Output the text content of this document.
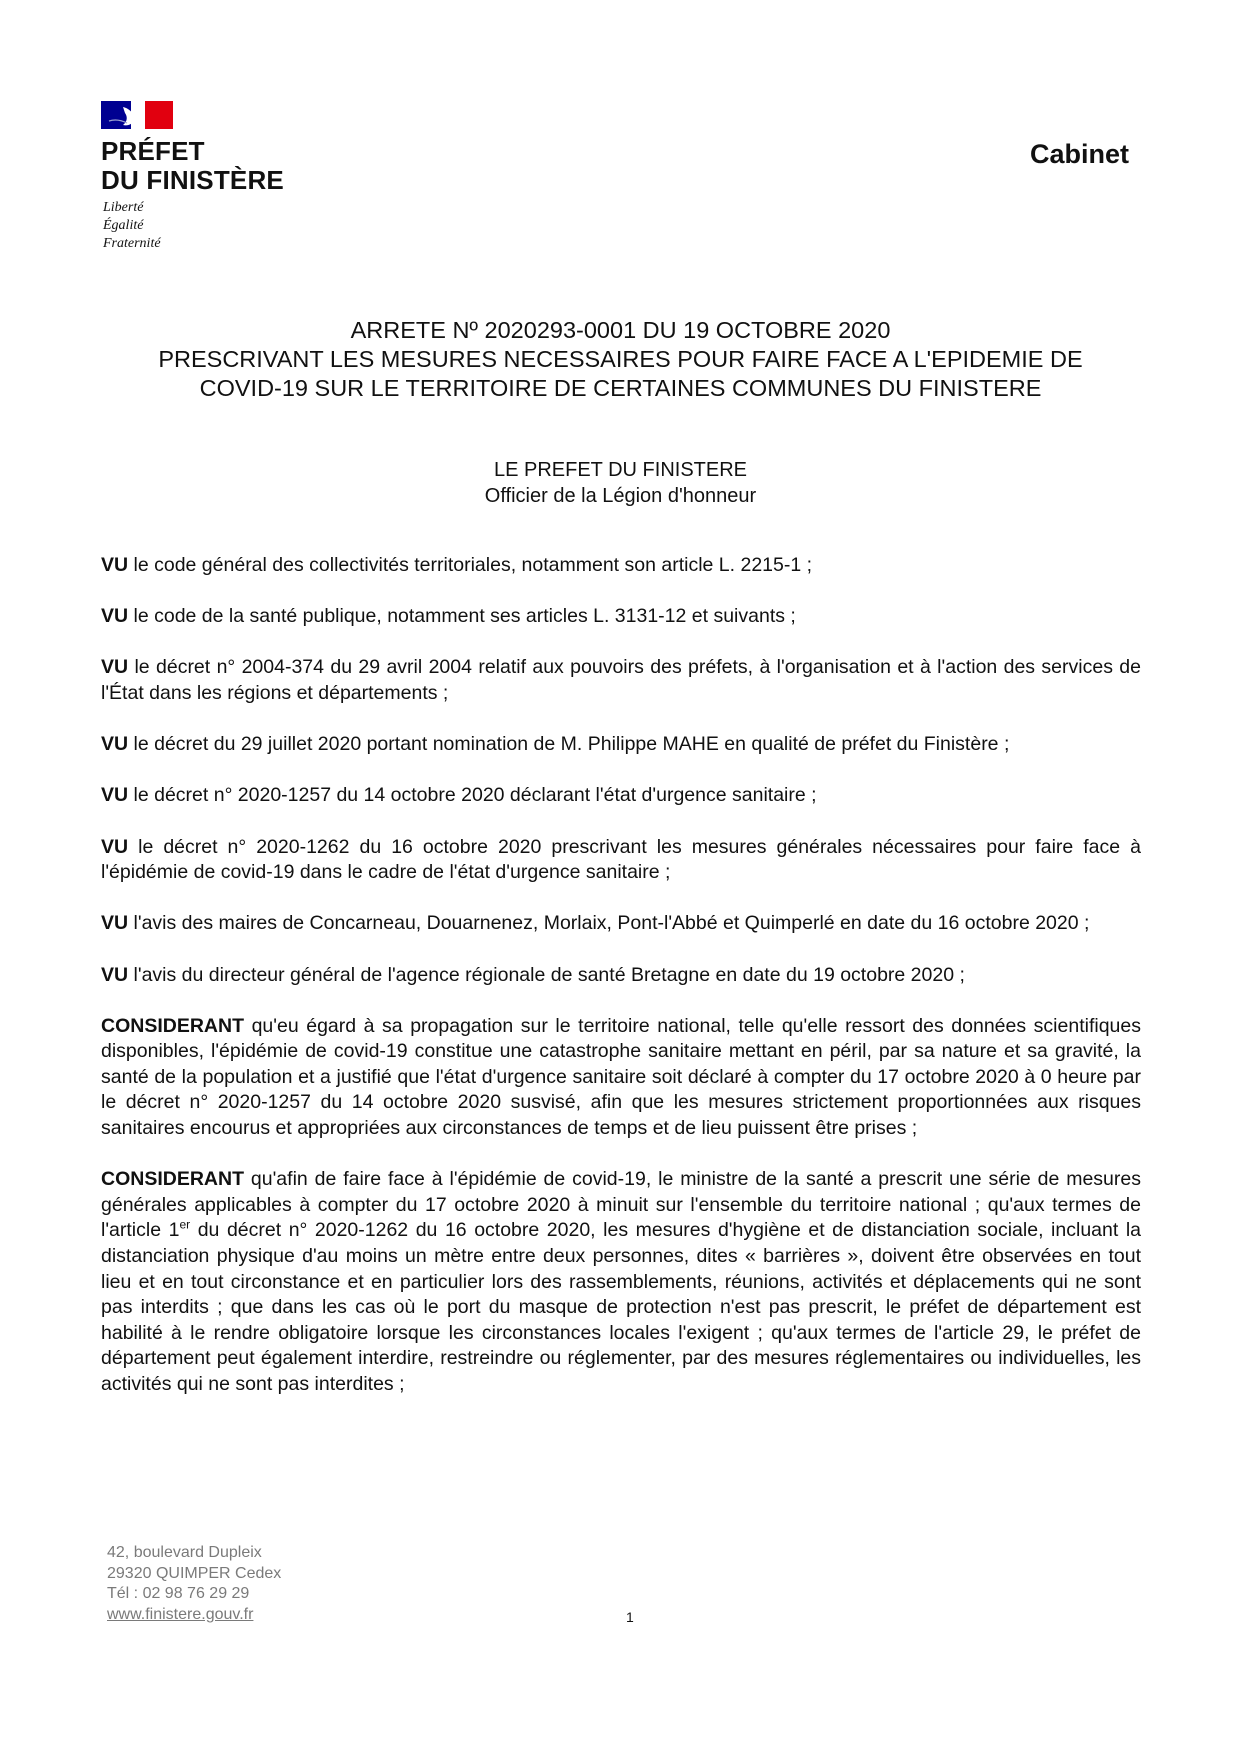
PRÉFET
DU FINISTÈRE
Liberté
Égalité
Fraternité
Cabinet
ARRETE Nº 2020293-0001 DU 19 OCTOBRE 2020
PRESCRIVANT LES MESURES NECESSAIRES POUR FAIRE FACE A L'EPIDEMIE DE
COVID-19 SUR LE TERRITOIRE DE CERTAINES COMMUNES DU FINISTERE
LE PREFET DU FINISTERE
Officier de la Légion d'honneur

VU le code général des collectivités territoriales, notamment son article L. 2215-1 ;

VU le code de la santé publique, notamment ses articles L. 3131-12 et suivants ;

VU le décret n° 2004-374 du 29 avril 2004 relatif aux pouvoirs des préfets, à l'organisation et à l'action des services de l'État dans les régions et départements ;

VU le décret du 29 juillet 2020 portant nomination de M. Philippe MAHE en qualité de préfet du Finistère ;

VU le décret n° 2020-1257 du 14 octobre 2020 déclarant l'état d'urgence sanitaire ;

VU le décret n° 2020-1262 du 16 octobre 2020 prescrivant les mesures générales nécessaires pour faire face à l'épidémie de covid-19 dans le cadre de l'état d'urgence sanitaire ;

VU l'avis des maires de Concarneau, Douarnenez, Morlaix, Pont-l'Abbé et Quimperlé en date du 16 octobre 2020 ;

VU l'avis du directeur général de l'agence régionale de santé Bretagne en date du 19 octobre 2020 ;

CONSIDERANT qu'eu égard à sa propagation sur le territoire national, telle qu'elle ressort des données scientifiques disponibles, l'épidémie de covid-19 constitue une catastrophe sanitaire mettant en péril, par sa nature et sa gravité, la santé de la population et a justifié que l'état d'urgence sanitaire soit déclaré à compter du 17 octobre 2020 à 0 heure par le décret n° 2020-1257 du 14 octobre 2020 susvisé, afin que les mesures strictement proportionnées aux risques sanitaires encourus et appropriées aux circonstances de temps et de lieu puissent être prises ;

CONSIDERANT qu'afin de faire face à l'épidémie de covid-19, le ministre de la santé a prescrit une série de mesures générales applicables à compter du 17 octobre 2020 à minuit sur l'ensemble du territoire national ; qu'aux termes de l'article 1er du décret n° 2020-1262 du 16 octobre 2020, les mesures d'hygiène et de distanciation sociale, incluant la distanciation physique d'au moins un mètre entre deux personnes, dites « barrières », doivent être observées en tout lieu et en tout circonstance et en particulier lors des rassemblements, réunions, activités et déplacements qui ne sont pas interdits ; que dans les cas où le port du masque de protection n'est pas prescrit, le préfet de département est habilité à le rendre obligatoire lorsque les circonstances locales l'exigent ; qu'aux termes de l'article 29, le préfet de département peut également interdire, restreindre ou réglementer, par des mesures réglementaires ou individuelles, les activités qui ne sont pas interdites ;

42, boulevard Dupleix
29320 QUIMPER Cedex
Tél : 02 98 76 29 29
www.finistere.gouv.fr	1
